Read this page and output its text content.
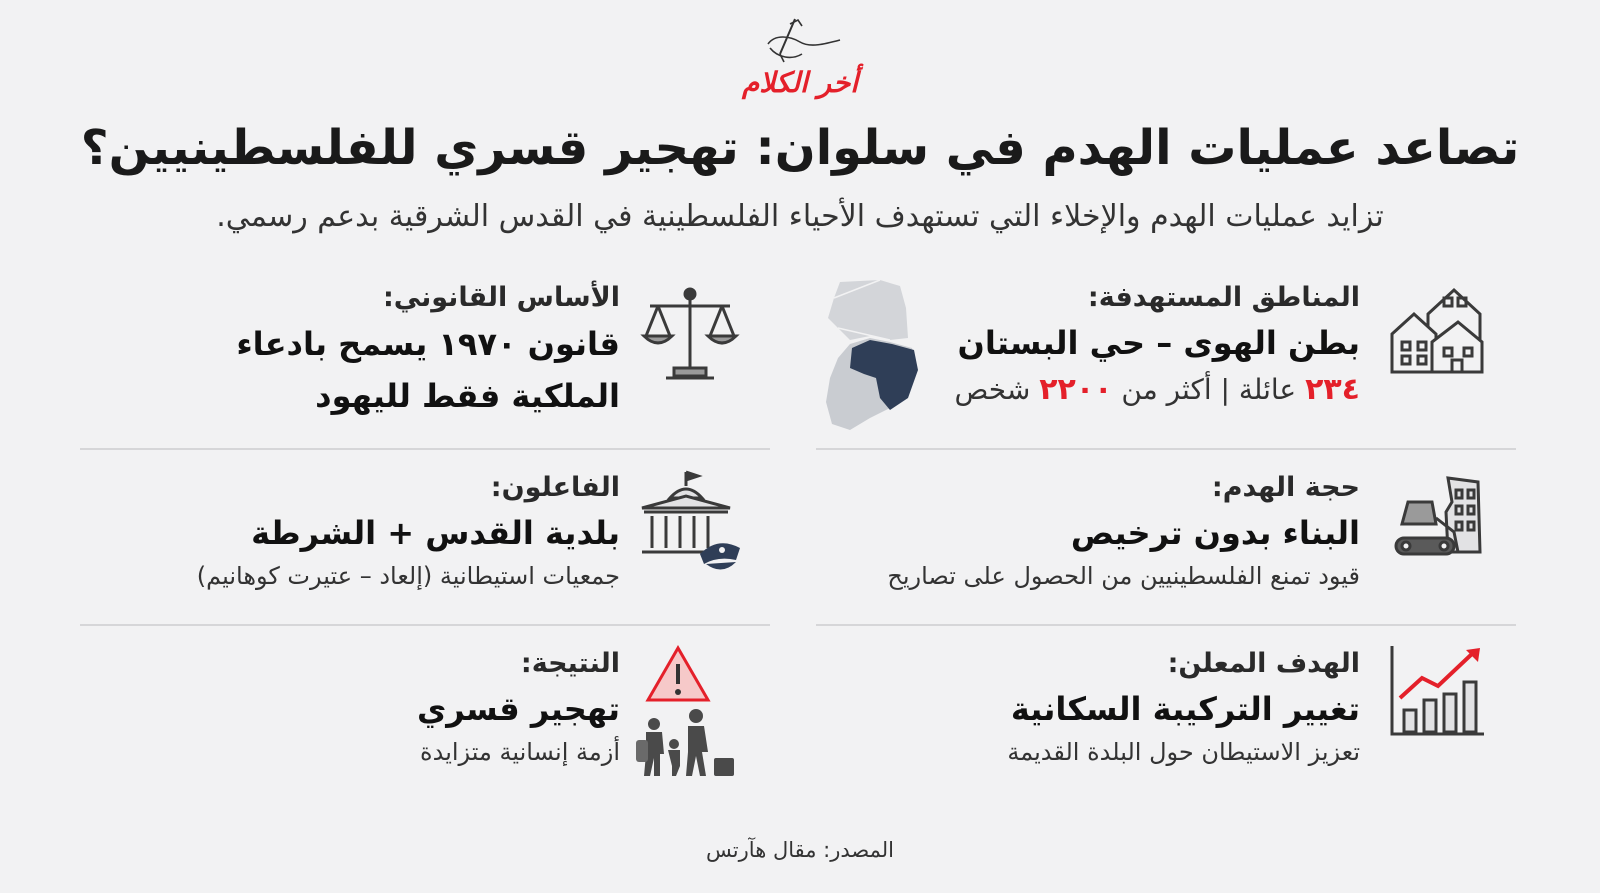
أخر الكلام
تصاعد عمليات الهدم في سلوان: تهجير قسري للفلسطينيين؟
تزايد عمليات الهدم والإخلاء التي تستهدف الأحياء الفلسطينية في القدس الشرقية بدعم رسمي.
المناطق المستهدفة:
بطن الهوى – حي البستان
٢٣٤ عائلة | أكثر من ٢٢٠٠ شخص
الأساس القانوني:
قانون ١٩٧٠ يسمح بادعاء الملكية فقط لليهود
حجة الهدم:
البناء بدون ترخيص
قيود تمنع الفلسطينيين من الحصول على تصاريح
الفاعلون:
بلدية القدس + الشرطة
جمعيات استيطانية (إلعاد – عتيرت كوهانيم)
الهدف المعلن:
تغيير التركيبة السكانية
تعزيز الاستيطان حول البلدة القديمة
النتيجة:
تهجير قسري
أزمة إنسانية متزايدة
المصدر: مقال هآرتس
